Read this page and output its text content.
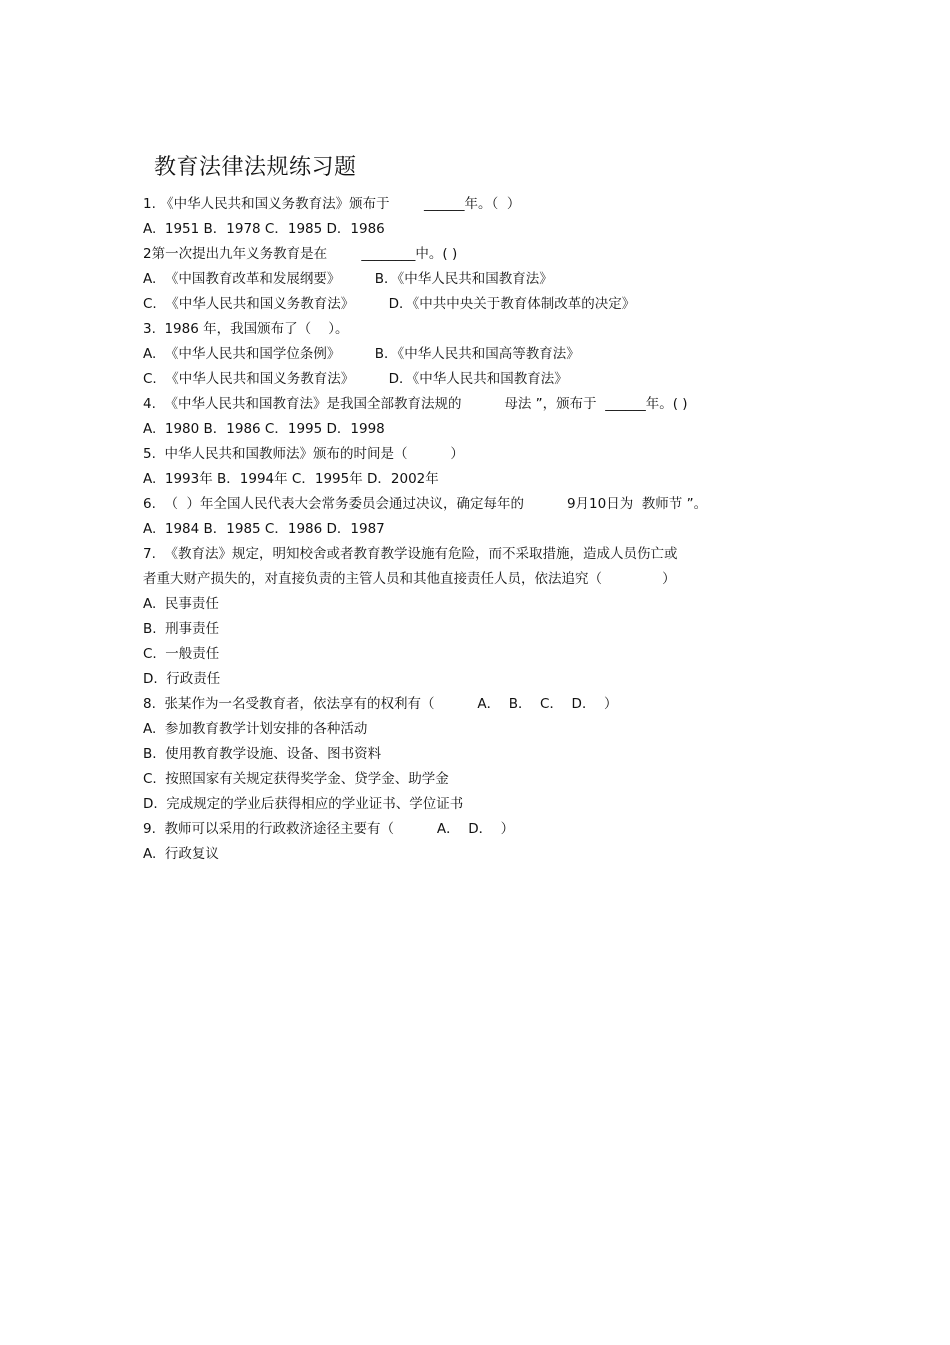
教育法律法规练习题
1. 《中华人民共和国义务教育法》颁布于        ______年。（  ）
A.  1951 B．1978 C．1985 D．1986
2第一次提出九年义务教育是在        ________中。( )
A.  《中国教育改革和发展纲要》        B．《中华人民共和国教育法》
C.  《中华人民共和国义务教育法》        D．《中共中央关于教育体制改革的决定》
3.  1986 年，我国颁布了（    ）。
A.  《中华人民共和国学位条例》        B．《中华人民共和国高等教育法》
C.  《中华人民共和国义务教育法》        D．《中华人民共和国教育法》
4.  《中华人民共和国教育法》是我国全部教育法规的          母法 ”，颁布于  ______年。( )
A.  1980 B．1986 C．1995 D．1998
5.  中华人民共和国教师法》颁布的时间是（          ）
A.  1993年 B．1994年 C．1995年 D．2002年
6.  （  ）年全国人民代表大会常务委员会通过决议，确定每年的          9月10日为  教师节 ”。
A.  1984 B．1985 C．1986 D．1987
7.  《教育法》规定，明知校舍或者教育教学设施有危险，而不采取措施，造成人员伤亡或
者重大财产损失的，对直接负责的主管人员和其他直接责任人员，依法追究（              ）
A.  民事责任
B.  刑事责任
C.  一般责任
D.  行政责任
8.  张某作为一名受教育者，依法享有的权利有（          A．  B．  C．  D．  ）
A.  参加教育教学计划安排的各种活动
B.  使用教育教学设施、设备、图书资料
C.  按照国家有关规定获得奖学金、贷学金、助学金
D.  完成规定的学业后获得相应的学业证书、学位证书
9.  教师可以采用的行政救济途径主要有（          A．  D．  ）
A.  行政复议
